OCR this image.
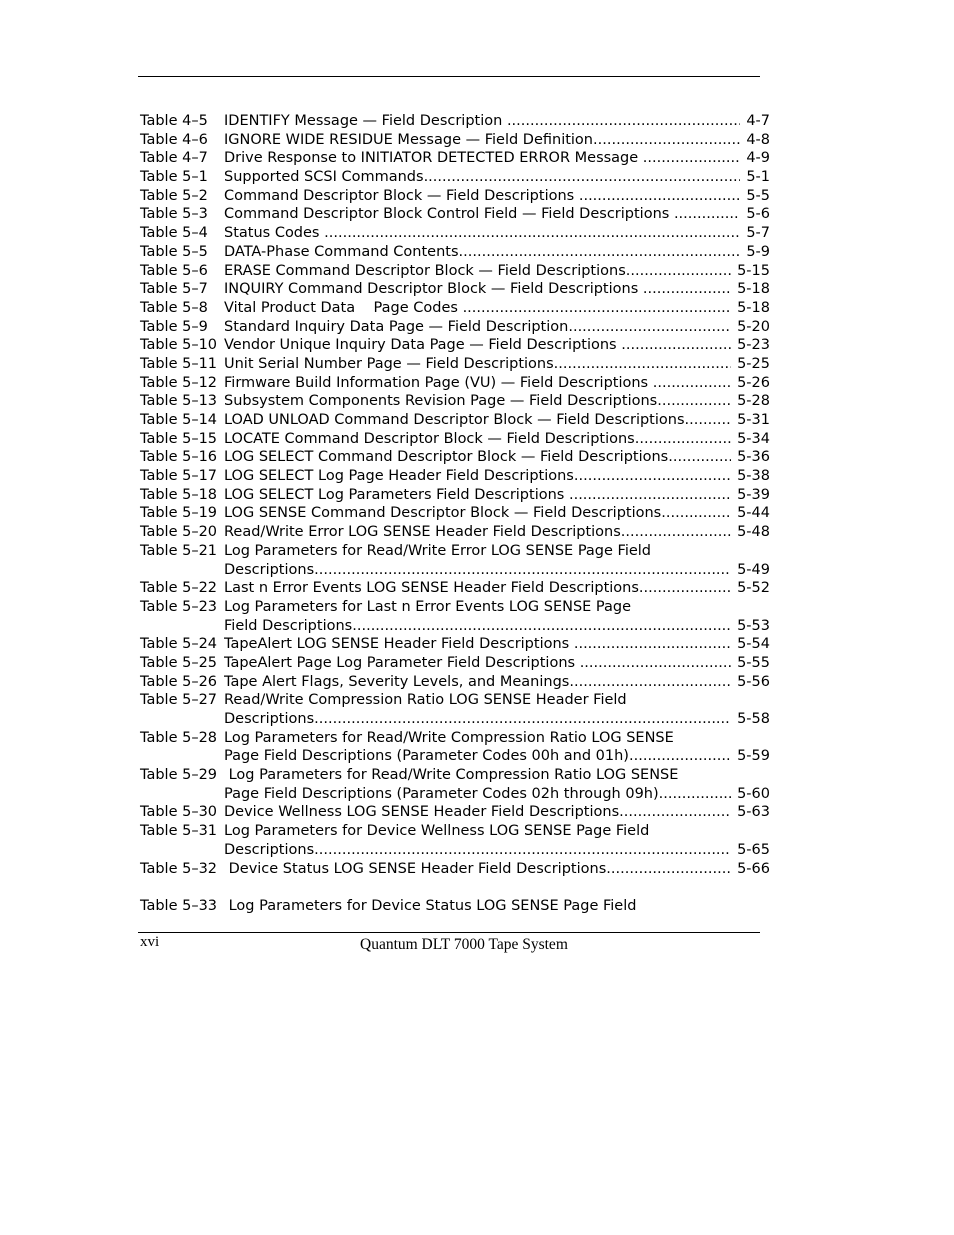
Table 4–5 IDENTIFY Message — Field Description . . .	4-7
Table 4–6 IGNORE WIDE RESIDUE Message — Field Definition . . .	4-8
Table 4–7 Drive Response to INITIATOR DETECTED ERROR Message . . .	4-9
Table 5–1 Supported SCSI Commands . . .	5-1
Table 5–2 Command Descriptor Block — Field Descriptions . . .	5-5
Table 5–3 Command Descriptor Block Control Field — Field Descriptions . . .	5-6
Table 5–4 Status Codes . . .	5-7
Table 5–5 DATA-Phase Command Contents . . .	5-9
Table 5–6 ERASE Command Descriptor Block — Field Descriptions . . .	5-15
Table 5–7 INQUIRY Command Descriptor Block — Field Descriptions . . .	5-18
Table 5–8 Vital Product Data    Page Codes . . .	5-18
Table 5–9 Standard Inquiry Data Page — Field Description . . .	5-20
Table 5–10 Vendor Unique Inquiry Data Page — Field Descriptions . . .	5-23
Table 5–11 Unit Serial Number Page — Field Descriptions . . .	5-25
Table 5–12 Firmware Build Information Page (VU) — Field Descriptions . . .	5-26
Table 5–13 Subsystem Components Revision Page — Field Descriptions . . .	5-28
Table 5–14 LOAD UNLOAD Command Descriptor Block — Field Descriptions . . .	5-31
Table 5–15 LOCATE Command Descriptor Block — Field Descriptions . . .	5-34
Table 5–16 LOG SELECT Command Descriptor Block — Field Descriptions . . .	5-36
Table 5–17 LOG SELECT Log Page Header Field Descriptions . . .	5-38
Table 5–18 LOG SELECT Log Parameters Field Descriptions . . .	5-39
Table 5–19 LOG SENSE Command Descriptor Block — Field Descriptions . . .	5-44
Table 5–20 Read/Write Error LOG SENSE Header Field Descriptions . . .	5-48
Table 5–21 Log Parameters for Read/Write Error LOG SENSE Page Field
Descriptions . . .	5-49
Table 5–22 Last n Error Events LOG SENSE Header Field Descriptions . . .	5-52
Table 5–23 Log Parameters for Last n Error Events LOG SENSE Page
Field Descriptions . . .	5-53
Table 5–24 TapeAlert LOG SENSE Header Field Descriptions . . .	5-54
Table 5–25 TapeAlert Page Log Parameter Field Descriptions . . .	5-55
Table 5–26 Tape Alert Flags, Severity Levels, and Meanings . . .	5-56
Table 5–27 Read/Write Compression Ratio LOG SENSE Header Field
Descriptions . . .	5-58
Table 5–28 Log Parameters for Read/Write Compression Ratio LOG SENSE
Page Field Descriptions (Parameter Codes 00h and 01h) . . .	5-59
Table 5–29 Log Parameters for Read/Write Compression Ratio LOG SENSE
Page Field Descriptions (Parameter Codes 02h through 09h) . . .	5-60
Table 5–30 Device Wellness LOG SENSE Header Field Descriptions . . .	5-63
Table 5–31 Log Parameters for Device Wellness LOG SENSE Page Field
Descriptions . . .	5-65
Table 5–32 Device Status LOG SENSE Header Field Descriptions . . .	5-66
Table 5–33 Log Parameters for Device Status LOG SENSE Page Field
xvi	Quantum DLT 7000 Tape System
